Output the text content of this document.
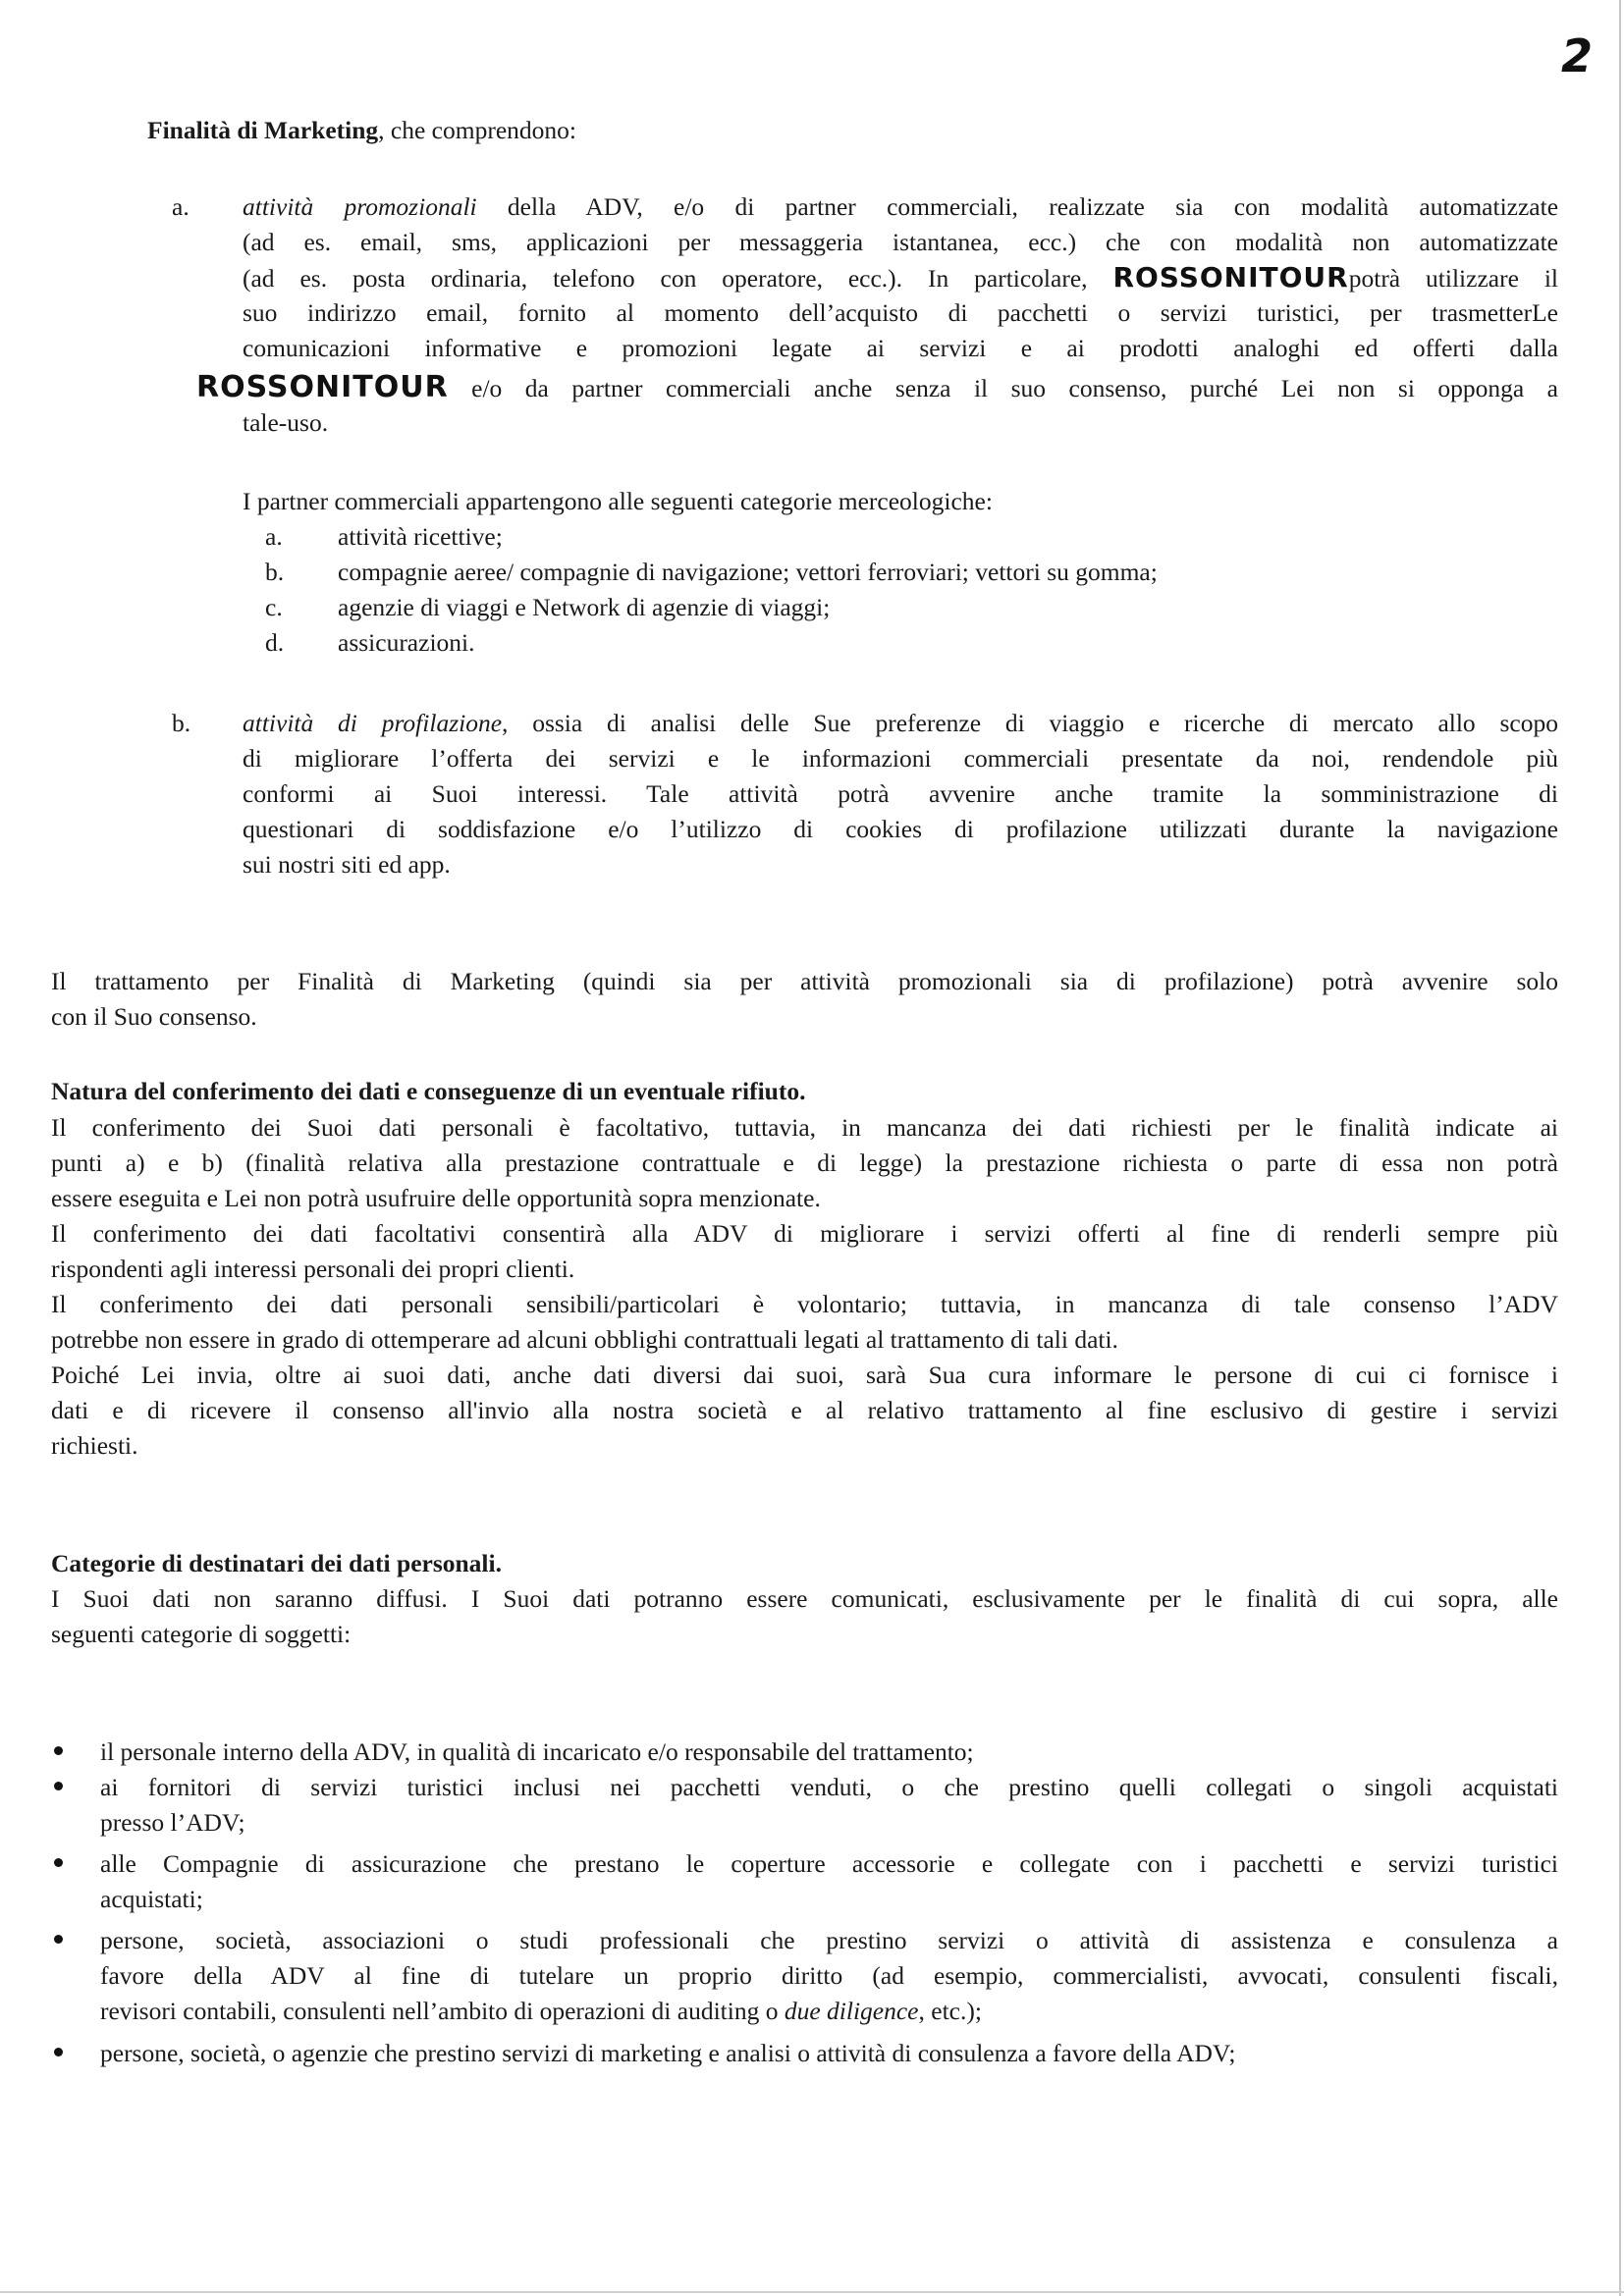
2
Finalità di Marketing, che comprendono:
a. attività promozionali della ADV, e/o di partner commerciali, realizzate sia con modalità automatizzate
(ad es. email, sms, applicazioni per messaggeria istantanea, ecc.) che con modalità non automatizzate
(ad es. posta ordinaria, telefono con operatore, ecc.). In particolare, ROSSONITOURpotrà utilizzare il
suo indirizzo email, fornito al momento dell’acquisto di pacchetti o servizi turistici, per trasmetterLe
comunicazioni informative e promozioni legate ai servizi e ai prodotti analoghi ed offerti dalla
ROSSONITOUR e/o da partner commerciali anche senza il suo consenso, purché Lei non si opponga a
tale-uso.
I partner commerciali appartengono alle seguenti categorie merceologiche:
a. attività ricettive;
b. compagnie aeree/ compagnie di navigazione; vettori ferroviari; vettori su gomma;
c. agenzie di viaggi e Network di agenzie di viaggi;
d. assicurazioni.
b. attività di profilazione, ossia di analisi delle Sue preferenze di viaggio e ricerche di mercato allo scopo
di migliorare l’offerta dei servizi e le informazioni commerciali presentate da noi, rendendole più
conformi ai Suoi interessi. Tale attività potrà avvenire anche tramite la somministrazione di
questionari di soddisfazione e/o l’utilizzo di cookies di profilazione utilizzati durante la navigazione
sui nostri siti ed app.
Il trattamento per Finalità di Marketing (quindi sia per attività promozionali sia di profilazione) potrà avvenire solo
con il Suo consenso.
Natura del conferimento dei dati e conseguenze di un eventuale rifiuto.
Il conferimento dei Suoi dati personali è facoltativo, tuttavia, in mancanza dei dati richiesti per le finalità indicate ai
punti a) e b) (finalità relativa alla prestazione contrattuale e di legge) la prestazione richiesta o parte di essa non potrà
essere eseguita e Lei non potrà usufruire delle opportunità sopra menzionate.
Il conferimento dei dati facoltativi consentirà alla ADV di migliorare i servizi offerti al fine di renderli sempre più
rispondenti agli interessi personali dei propri clienti.
Il conferimento dei dati personali sensibili/particolari è volontario; tuttavia, in mancanza di tale consenso l’ADV
potrebbe non essere in grado di ottemperare ad alcuni obblighi contrattuali legati al trattamento di tali dati.
Poiché Lei invia, oltre ai suoi dati, anche dati diversi dai suoi, sarà Sua cura informare le persone di cui ci fornisce i
dati e di ricevere il consenso all'invio alla nostra società e al relativo trattamento al fine esclusivo di gestire i servizi
richiesti.
Categorie di destinatari dei dati personali.
I Suoi dati non saranno diffusi. I Suoi dati potranno essere comunicati, esclusivamente per le finalità di cui sopra, alle
seguenti categorie di soggetti:
il personale interno della ADV, in qualità di incaricato e/o responsabile del trattamento;
ai fornitori di servizi turistici inclusi nei pacchetti venduti, o che prestino quelli collegati o singoli acquistati
presso l’ADV;
alle Compagnie di assicurazione che prestano le coperture accessorie e collegate con i pacchetti e servizi turistici
acquistati;
persone, società, associazioni o studi professionali che prestino servizi o attività di assistenza e consulenza a
favore della ADV al fine di tutelare un proprio diritto (ad esempio, commercialisti, avvocati, consulenti fiscali,
revisori contabili, consulenti nell’ambito di operazioni di auditing o due diligence, etc.);
persone, società, o agenzie che prestino servizi di marketing e analisi o attività di consulenza a favore della ADV;
